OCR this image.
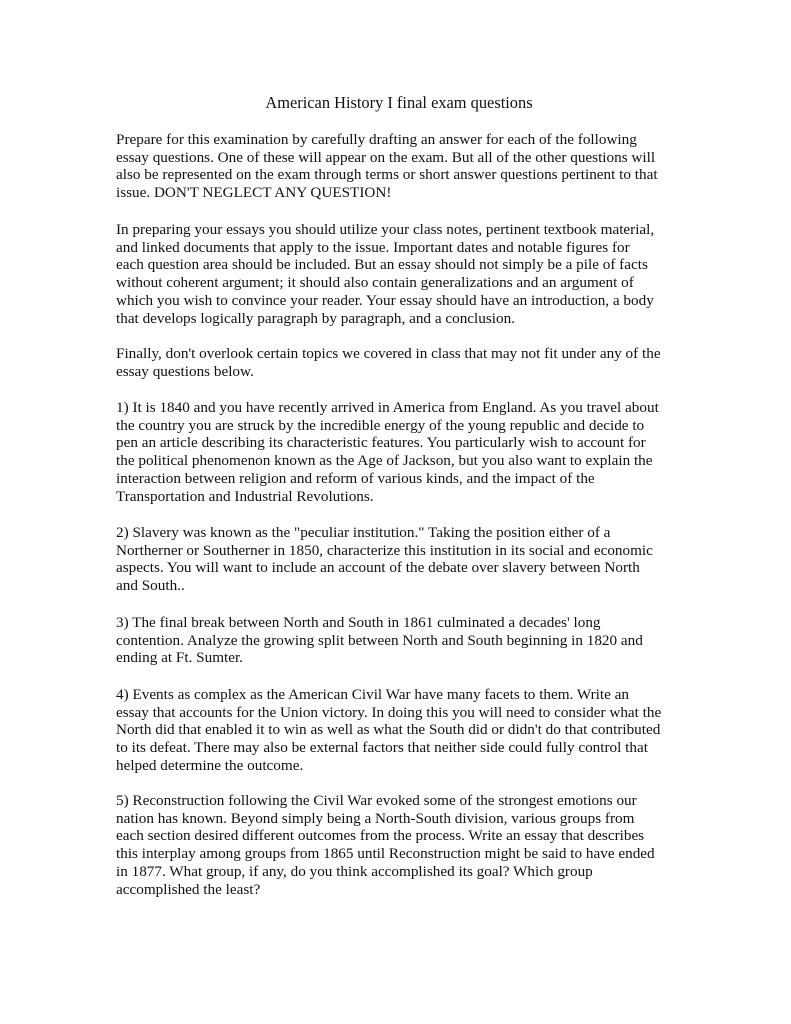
American History I final exam questions

Prepare for this examination by carefully drafting an answer for each of the following
essay questions. One of these will appear on the exam. But all of the other questions will
also be represented on the exam through terms or short answer questions pertinent to that
issue. DON'T NEGLECT ANY QUESTION!

In preparing your essays you should utilize your class notes, pertinent textbook material,
and linked documents that apply to the issue. Important dates and notable figures for
each question area should be included. But an essay should not simply be a pile of facts
without coherent argument; it should also contain generalizations and an argument of
which you wish to convince your reader. Your essay should have an introduction, a body
that develops logically paragraph by paragraph, and a conclusion.

Finally, don't overlook certain topics we covered in class that may not fit under any of the
essay questions below.

1) It is 1840 and you have recently arrived in America from England. As you travel about
the country you are struck by the incredible energy of the young republic and decide to
pen an article describing its characteristic features. You particularly wish to account for
the political phenomenon known as the Age of Jackson, but you also want to explain the
interaction between religion and reform of various kinds, and the impact of the
Transportation and Industrial Revolutions.

2) Slavery was known as the "peculiar institution." Taking the position either of a
Northerner or Southerner in 1850, characterize this institution in its social and economic
aspects. You will want to include an account of the debate over slavery between North
and South..

3) The final break between North and South in 1861 culminated a decades' long
contention. Analyze the growing split between North and South beginning in 1820 and
ending at Ft. Sumter.

4) Events as complex as the American Civil War have many facets to them. Write an
essay that accounts for the Union victory. In doing this you will need to consider what the
North did that enabled it to win as well as what the South did or didn't do that contributed
to its defeat. There may also be external factors that neither side could fully control that
helped determine the outcome.

5) Reconstruction following the Civil War evoked some of the strongest emotions our
nation has known. Beyond simply being a North-South division, various groups from
each section desired different outcomes from the process. Write an essay that describes
this interplay among groups from 1865 until Reconstruction might be said to have ended
in 1877. What group, if any, do you think accomplished its goal? Which group
accomplished the least?
